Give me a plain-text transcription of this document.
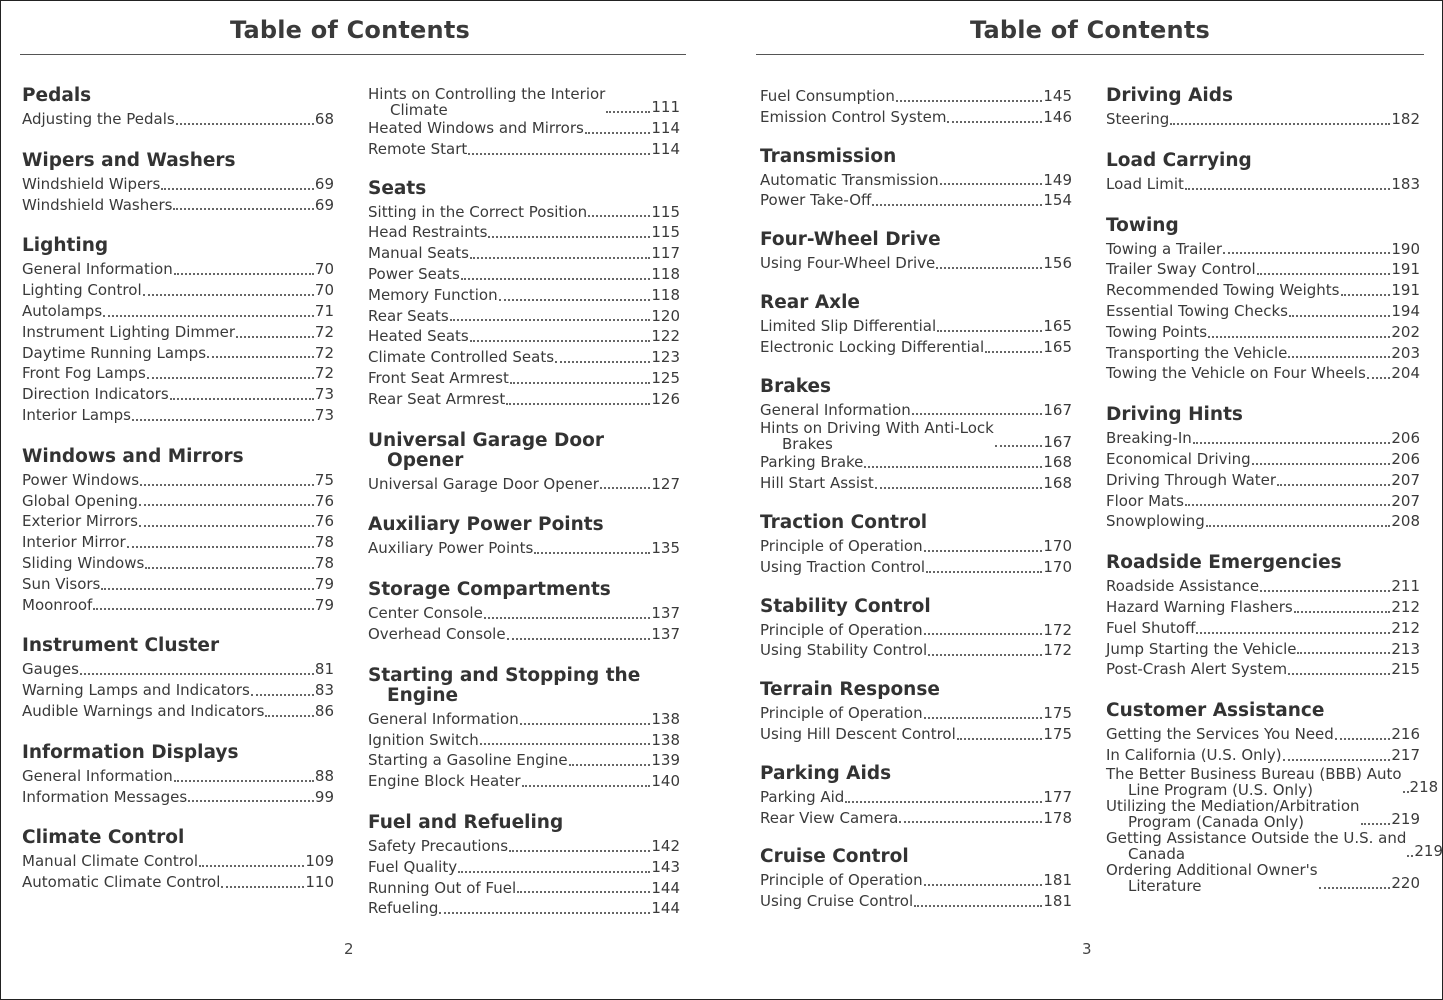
Table of Contents
Pedals
Adjusting the Pedals	68
Wipers and Washers
Windshield Wipers	69
Windshield Washers	69
Lighting
General Information	70
Lighting Control	70
Autolamps	71
Instrument Lighting Dimmer	72
Daytime Running Lamps	72
Front Fog Lamps	72
Direction Indicators	73
Interior Lamps	73
Windows and Mirrors
Power Windows	75
Global Opening	76
Exterior Mirrors	76
Interior Mirror	78
Sliding Windows	78
Sun Visors	79
Moonroof	79
Instrument Cluster
Gauges	81
Warning Lamps and Indicators	83
Audible Warnings and Indicators	86
Information Displays
General Information	88
Information Messages	99
Climate Control
Manual Climate Control	109
Automatic Climate Control	110
Hints on Controlling the Interior
Climate	111
Heated Windows and Mirrors	114
Remote Start	114
Seats
Sitting in the Correct Position	115
Head Restraints	115
Manual Seats	117
Power Seats	118
Memory Function	118
Rear Seats	120
Heated Seats	122
Climate Controlled Seats	123
Front Seat Armrest	125
Rear Seat Armrest	126
Universal Garage Door
Opener
Universal Garage Door Opener	127
Auxiliary Power Points
Auxiliary Power Points	135
Storage Compartments
Center Console	137
Overhead Console	137
Starting and Stopping the
Engine
General Information	138
Ignition Switch	138
Starting a Gasoline Engine	139
Engine Block Heater	140
Fuel and Refueling
Safety Precautions	142
Fuel Quality	143
Running Out of Fuel	144
Refueling	144
2
Table of Contents
Fuel Consumption	145
Emission Control System	146
Transmission
Automatic Transmission	149
Power Take-Off	154
Four-Wheel Drive
Using Four-Wheel Drive	156
Rear Axle
Limited Slip Differential	165
Electronic Locking Differential	165
Brakes
General Information	167
Hints on Driving With Anti-Lock
Brakes	167
Parking Brake	168
Hill Start Assist	168
Traction Control
Principle of Operation	170
Using Traction Control	170
Stability Control
Principle of Operation	172
Using Stability Control	172
Terrain Response
Principle of Operation	175
Using Hill Descent Control	175
Parking Aids
Parking Aid	177
Rear View Camera	178
Cruise Control
Principle of Operation	181
Using Cruise Control	181
Driving Aids
Steering	182
Load Carrying
Load Limit	183
Towing
Towing a Trailer	190
Trailer Sway Control	191
Recommended Towing Weights	191
Essential Towing Checks	194
Towing Points	202
Transporting the Vehicle	203
Towing the Vehicle on Four Wheels 204
Driving Hints
Breaking-In	206
Economical Driving	206
Driving Through Water	207
Floor Mats	207
Snowplowing	208
Roadside Emergencies
Roadside Assistance	211
Hazard Warning Flashers	212
Fuel Shutoff	212
Jump Starting the Vehicle	213
Post-Crash Alert System	215
Customer Assistance
Getting the Services You Need	216
In California (U.S. Only)	217
The Better Business Bureau (BBB) Auto
Line Program (U.S. Only)	218
Utilizing the Mediation/Arbitration
Program (Canada Only)	219
Getting Assistance Outside the U.S. and
Canada	219
Ordering Additional Owner's
Literature	220
3
